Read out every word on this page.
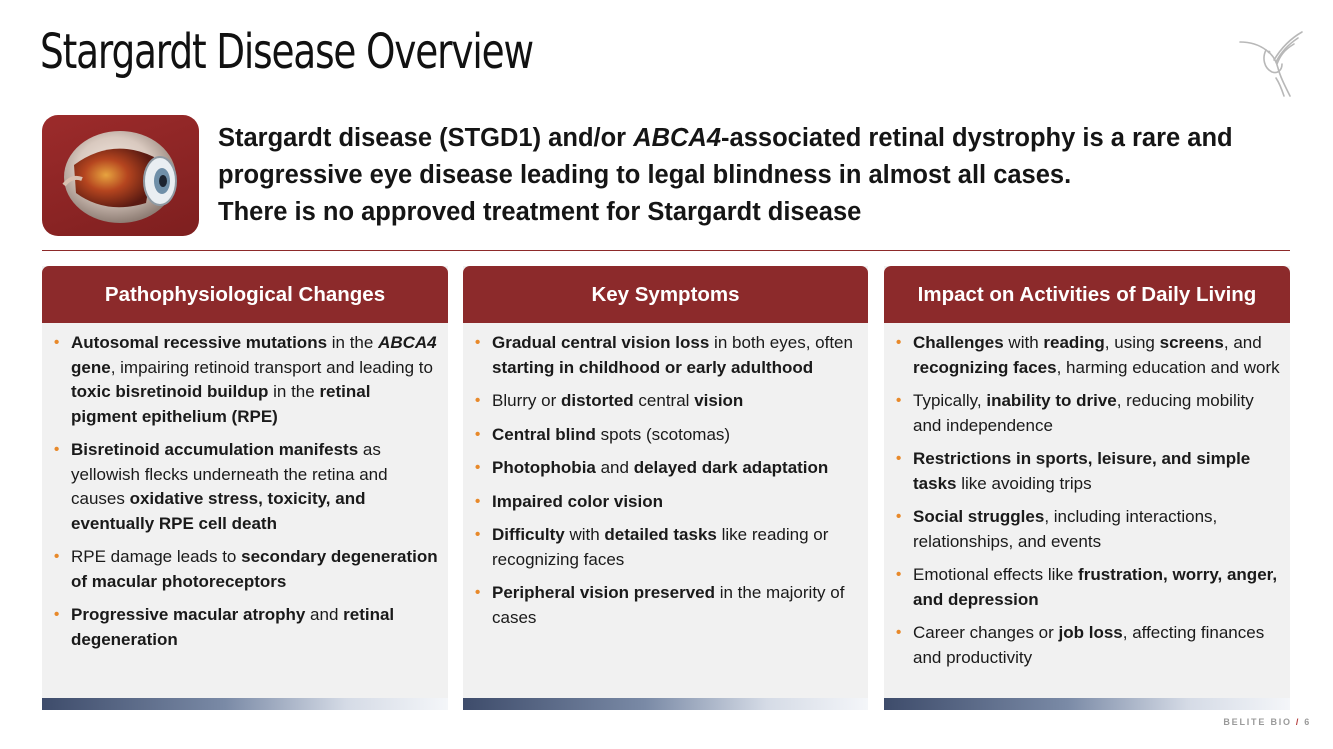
Stargardt Disease Overview
Stargardt disease (STGD1) and/or ABCA4-associated retinal dystrophy is a rare and progressive eye disease leading to legal blindness in almost all cases.
There is no approved treatment for Stargardt disease
Pathophysiological Changes
• Autosomal recessive mutations in the ABCA4 gene, impairing retinoid transport and leading to toxic bisretinoid buildup in the retinal pigment epithelium (RPE)
• Bisretinoid accumulation manifests as yellowish flecks underneath the retina and causes oxidative stress, toxicity, and eventually RPE cell death
• RPE damage leads to secondary degeneration of macular photoreceptors
• Progressive macular atrophy and retinal degeneration
Key Symptoms
• Gradual central vision loss in both eyes, often starting in childhood or early adulthood
• Blurry or distorted central vision
• Central blind spots (scotomas)
• Photophobia and delayed dark adaptation
• Impaired color vision
• Difficulty with detailed tasks like reading or recognizing faces
• Peripheral vision preserved in the majority of cases
Impact on Activities of Daily Living
• Challenges with reading, using screens, and recognizing faces, harming education and work
• Typically, inability to drive, reducing mobility and independence
• Restrictions in sports, leisure, and simple tasks like avoiding trips
• Social struggles, including interactions, relationships, and events
• Emotional effects like frustration, worry, anger, and depression
• Career changes or job loss, affecting finances and productivity
BELITE BIO / 6
